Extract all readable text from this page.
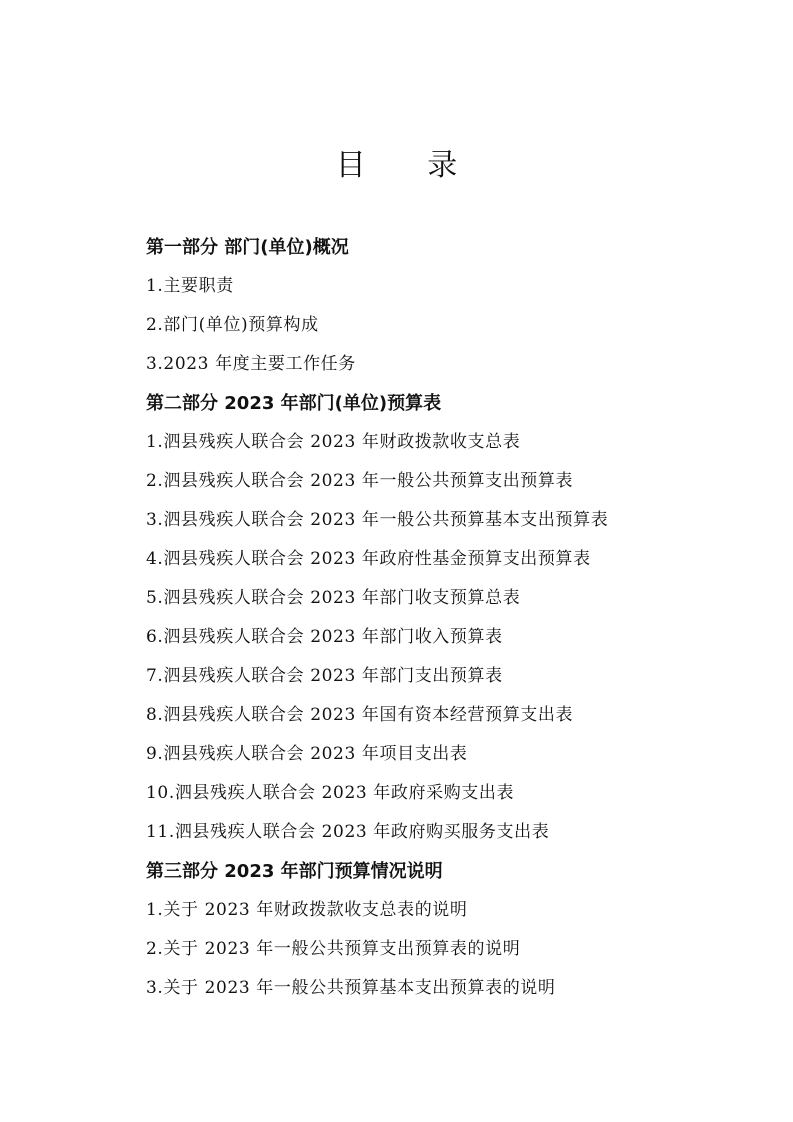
目 录
第一部分 部门(单位)概况
1.主要职责
2.部门(单位)预算构成
3.2023 年度主要工作任务
第二部分 2023 年部门(单位)预算表
1.泗县残疾人联合会 2023 年财政拨款收支总表
2.泗县残疾人联合会 2023 年一般公共预算支出预算表
3.泗县残疾人联合会 2023 年一般公共预算基本支出预算表
4.泗县残疾人联合会 2023 年政府性基金预算支出预算表
5.泗县残疾人联合会 2023 年部门收支预算总表
6.泗县残疾人联合会 2023 年部门收入预算表
7.泗县残疾人联合会 2023 年部门支出预算表
8.泗县残疾人联合会 2023 年国有资本经营预算支出表
9.泗县残疾人联合会 2023 年项目支出表
10.泗县残疾人联合会 2023 年政府采购支出表
11.泗县残疾人联合会 2023 年政府购买服务支出表
第三部分 2023 年部门预算情况说明
1.关于 2023 年财政拨款收支总表的说明
2.关于 2023 年一般公共预算支出预算表的说明
3.关于 2023 年一般公共预算基本支出预算表的说明
